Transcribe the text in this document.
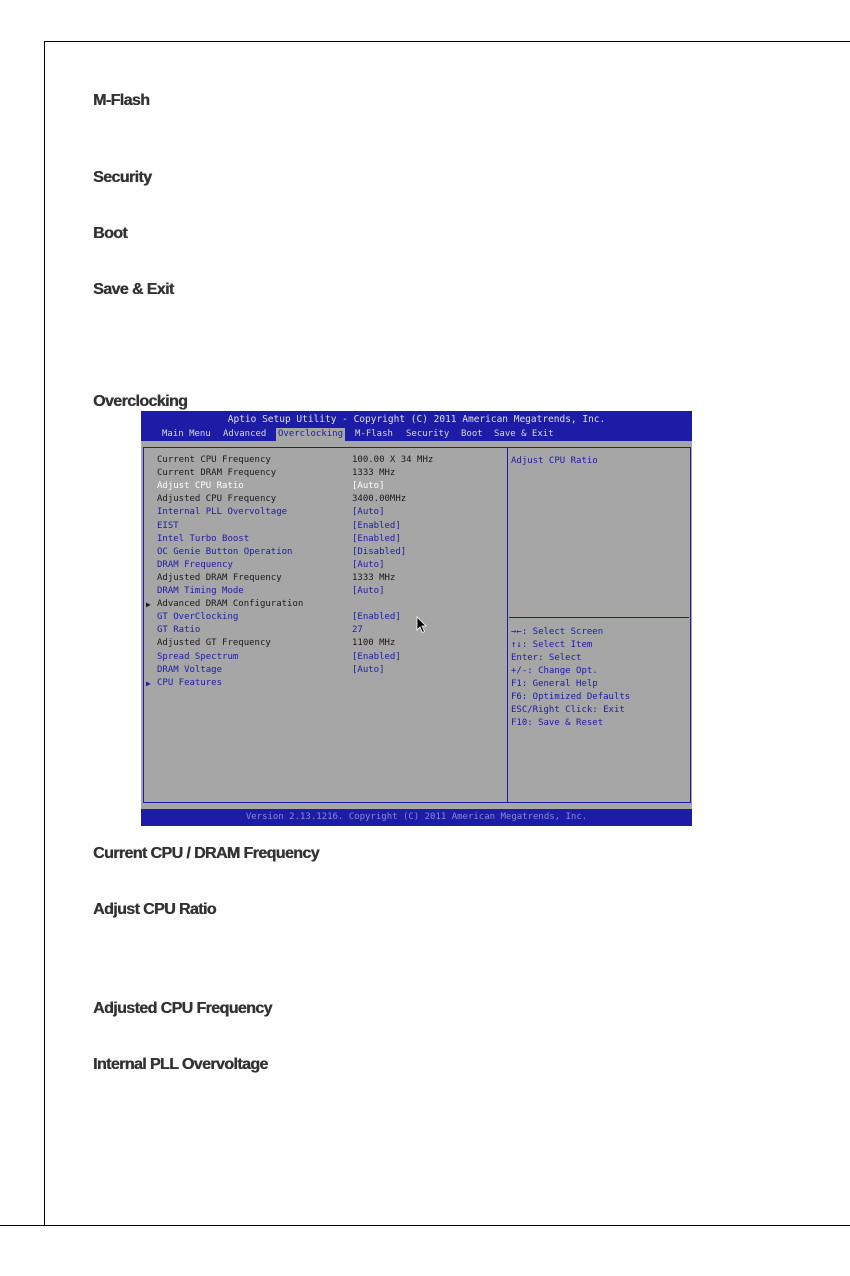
M-Flash
Security
Boot
Save & Exit
Overclocking
Aptio Setup Utility - Copyright (C) 2011 American Megatrends, Inc.
Main Menu Advanced Overclocking M-Flash Security Boot Save & Exit
Current CPU Frequency	100.00 X 34 MHz
Current DRAM Frequency	1333 MHz
Adjust CPU Ratio	[Auto]
Adjusted CPU Frequency	3400.00MHz
Internal PLL Overvoltage	[Auto]
EIST	[Enabled]
Intel Turbo Boost	[Enabled]
OC Genie Button Operation	[Disabled]
DRAM Frequency	[Auto]
Adjusted DRAM Frequency	1333 MHz
DRAM Timing Mode	[Auto]
▶ Advanced DRAM Configuration
GT OverClocking	[Enabled]
GT Ratio	27
Adjusted GT Frequency	1100 MHz
Spread Spectrum	[Enabled]
DRAM Voltage	[Auto]
▶ CPU Features
Adjust CPU Ratio
→←: Select Screen
↑↓: Select Item
Enter: Select
+/-: Change Opt.
F1: General Help
F6: Optimized Defaults
ESC/Right Click: Exit
F10: Save & Reset
Version 2.13.1216. Copyright (C) 2011 American Megatrends, Inc.
Current CPU / DRAM Frequency
Adjust CPU Ratio
Adjusted CPU Frequency
Internal PLL Overvoltage
